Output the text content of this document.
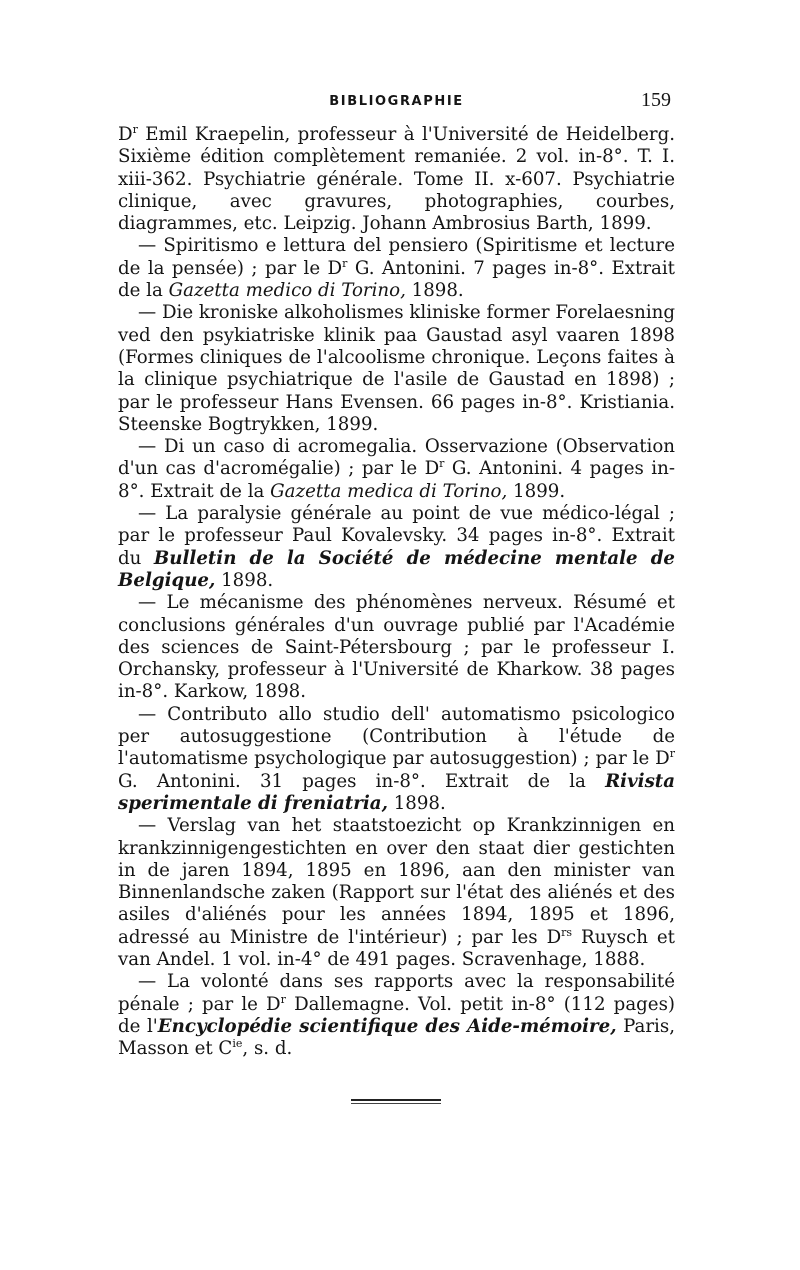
BIBLIOGRAPHIE	159

$D^r$ Emil Kraepelin, professeur à l'Université de Heidelberg. Sixième édition complètement remaniée. 2 vol. in-8°. T. I. xiii-362. Psychiatrie générale. Tome II. x-607. Psychiatrie clinique, avec gravures, photographies, courbes, diagrammes, etc. Leipzig. Johann Ambrosius Barth, 1899.

— Spiritismo e lettura del pensiero (Spiritisme et lecture de la pensée) ; par le $D^r$ G. Antonini. 7 pages in-8°. Extrait de la Gazetta medico di Torino, 1898.

— Die kroniske alkoholismes kliniske former Forelaesning ved den psykiatriske klinik paa Gaustad asyl vaaren 1898 (Formes cliniques de l'alcoolisme chronique. Leçons faites à la clinique psychiatrique de l'asile de Gaustad en 1898) ; par le professeur Hans Evensen. 66 pages in-8°. Kristiania. Steenske Bogtrykken, 1899.

— Di un caso di acromegalia. Osservazione (Observation d'un cas d'acromégalie) ; par le $D^r$ G. Antonini. 4 pages in-8°. Extrait de la Gazetta medica di Torino, 1899.

— La paralysie générale au point de vue médico-légal ; par le professeur Paul Kovalevsky. 34 pages in-8°. Extrait du Bulletin de la Société de médecine mentale de Belgique, 1898.

— Le mécanisme des phénomènes nerveux. Résumé et conclusions générales d'un ouvrage publié par l'Académie des sciences de Saint-Pétersbourg ; par le professeur I. Orchansky, professeur à l'Université de Kharkow. 38 pages in-8°. Karkow, 1898.

— Contributo allo studio dell' automatismo psicologico per autosuggestione (Contribution à l'étude de l'automatisme psychologique par autosuggestion) ; par le $D^r$ G. Antonini. 31 pages in-8°. Extrait de la Rivista sperimentale di freniatria, 1898.

— Verslag van het staatstoezicht op Krankzinnigen en krankzinnigengestichten en over den staat dier gestichten in de jaren 1894, 1895 en 1896, aan den minister van Binnenlandsche zaken (Rapport sur l'état des aliénés et des asiles d'aliénés pour les années 1894, 1895 et 1896, adressé au Ministre de l'intérieur) ; par les $D^{rs}$ Ruysch et van Andel. 1 vol. in-4° de 491 pages. Scravenhage, 1888.

— La volonté dans ses rapports avec la responsabilité pénale ; par le $D^r$ Dallemagne. Vol. petit in-8° (112 pages) de l'Encyclopédie scientifique des Aide-mémoire, Paris, Masson et $C^{ie}$, s. d.
